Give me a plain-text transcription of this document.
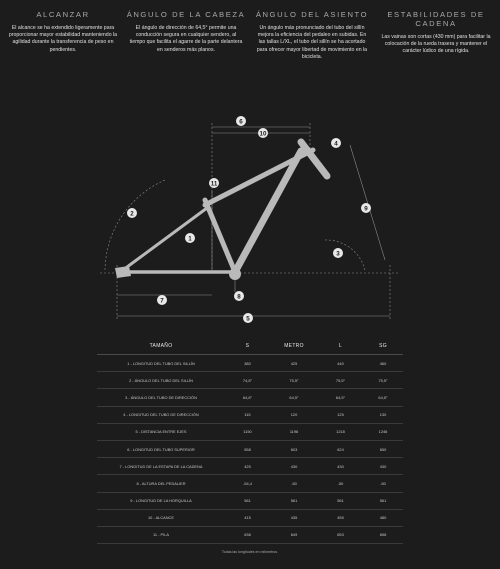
ALCANZAR
El alcance se ha extendido ligeramente para proporcionar mayor estabilidad manteniendo la agilidad durante la transferencia de peso en pendientes.
ÁNGULO DE LA CABEZA
El ángulo de dirección de 64,5° permite una conducción segura en cualquier sendero, al tiempo que facilita el agarre de la parte delantera en senderos más planos.
ÁNGULO DEL ASIENTO
Un ángulo más pronunciado del tubo del sillín mejora la eficiencia del pedaleo en subidas. En las tallas L/XL, el tubo del sillín se ha acortado para ofrecer mayor libertad de movimiento en la bicicleta.
ESTABILIDADES DE CADENA
Las vainas son cortas (430 mm) para facilitar la colocación de la rueda trasera y mantener el carácter lúdico de una rígida.
1
2
3
4
5
6
7
8
9
10
11
TAMAÑO	S	METRO	L	SG
1 - LONGITUD DEL TUBO DEL SILLÍN	380	425	440	460
2 - ÁNGULO DEL TUBO DEL SILLÍN	74,8°	75,5°	75,5°	75,5°
3 - ÁNGULO DEL TUBO DE DIRECCIÓN	64,8°	64,5°	64,5°	64,5°
4 - LONGITUD DEL TUBO DE DIRECCIÓN	115	120	125	130
5 - DISTANCIA ENTRE EJES	1150	1196	1218	1246
6 - LONGITUD DEL TUBO SUPERIOR	558	603	624	650
7 - LONGITUD DE LA ESTAPA DE LA CADENA	425	430	430	430
8 - ALTURA DEL PEDALIER	-54,4	-50	-50	-50
9 - LONGITUD DE LA HORQUILLA	561	561	561	561
10 - ALCANCE	415	435	455	480
11 - PILA	638	649	653	658
Todas las longitudes en milímetros.
